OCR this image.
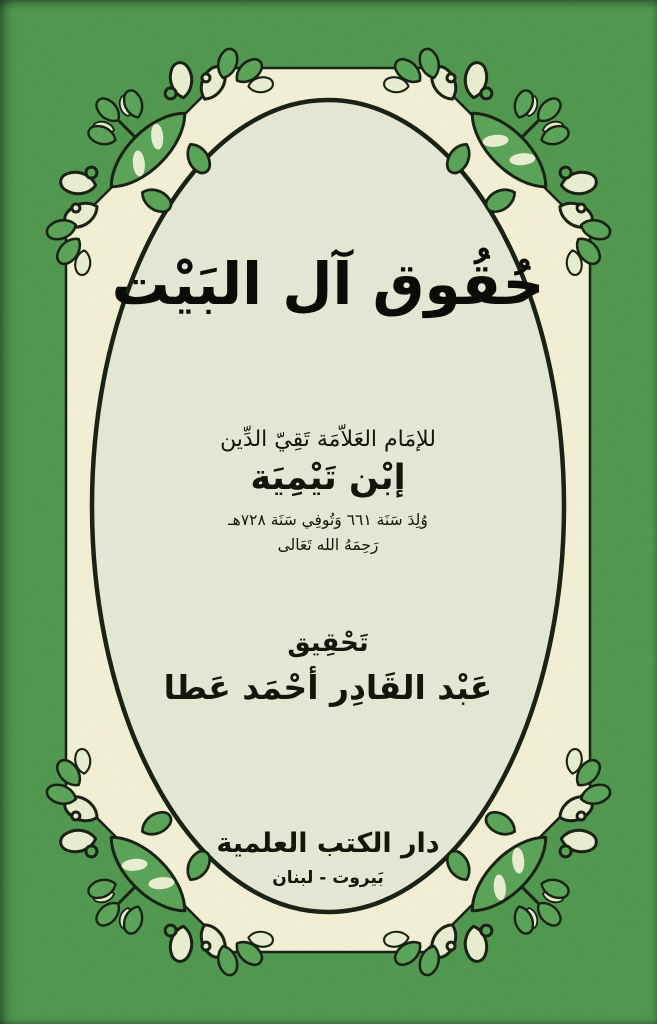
حُقُوق آل البَيْت
للإمَام العَلاّمَة تَقِيّ الدِّين
إبْن تَيْمِيَة
وُلِدَ سَنَة ٦٦١ وَتُوفِي سَنَة ٧٢٨هـ
رَحِمَهُ الله تَعَالى
تَحْقِيق
عَبْد القَادِر أحْمَد عَطا
دار الكتب العلمية
بَيروت - لبنان
